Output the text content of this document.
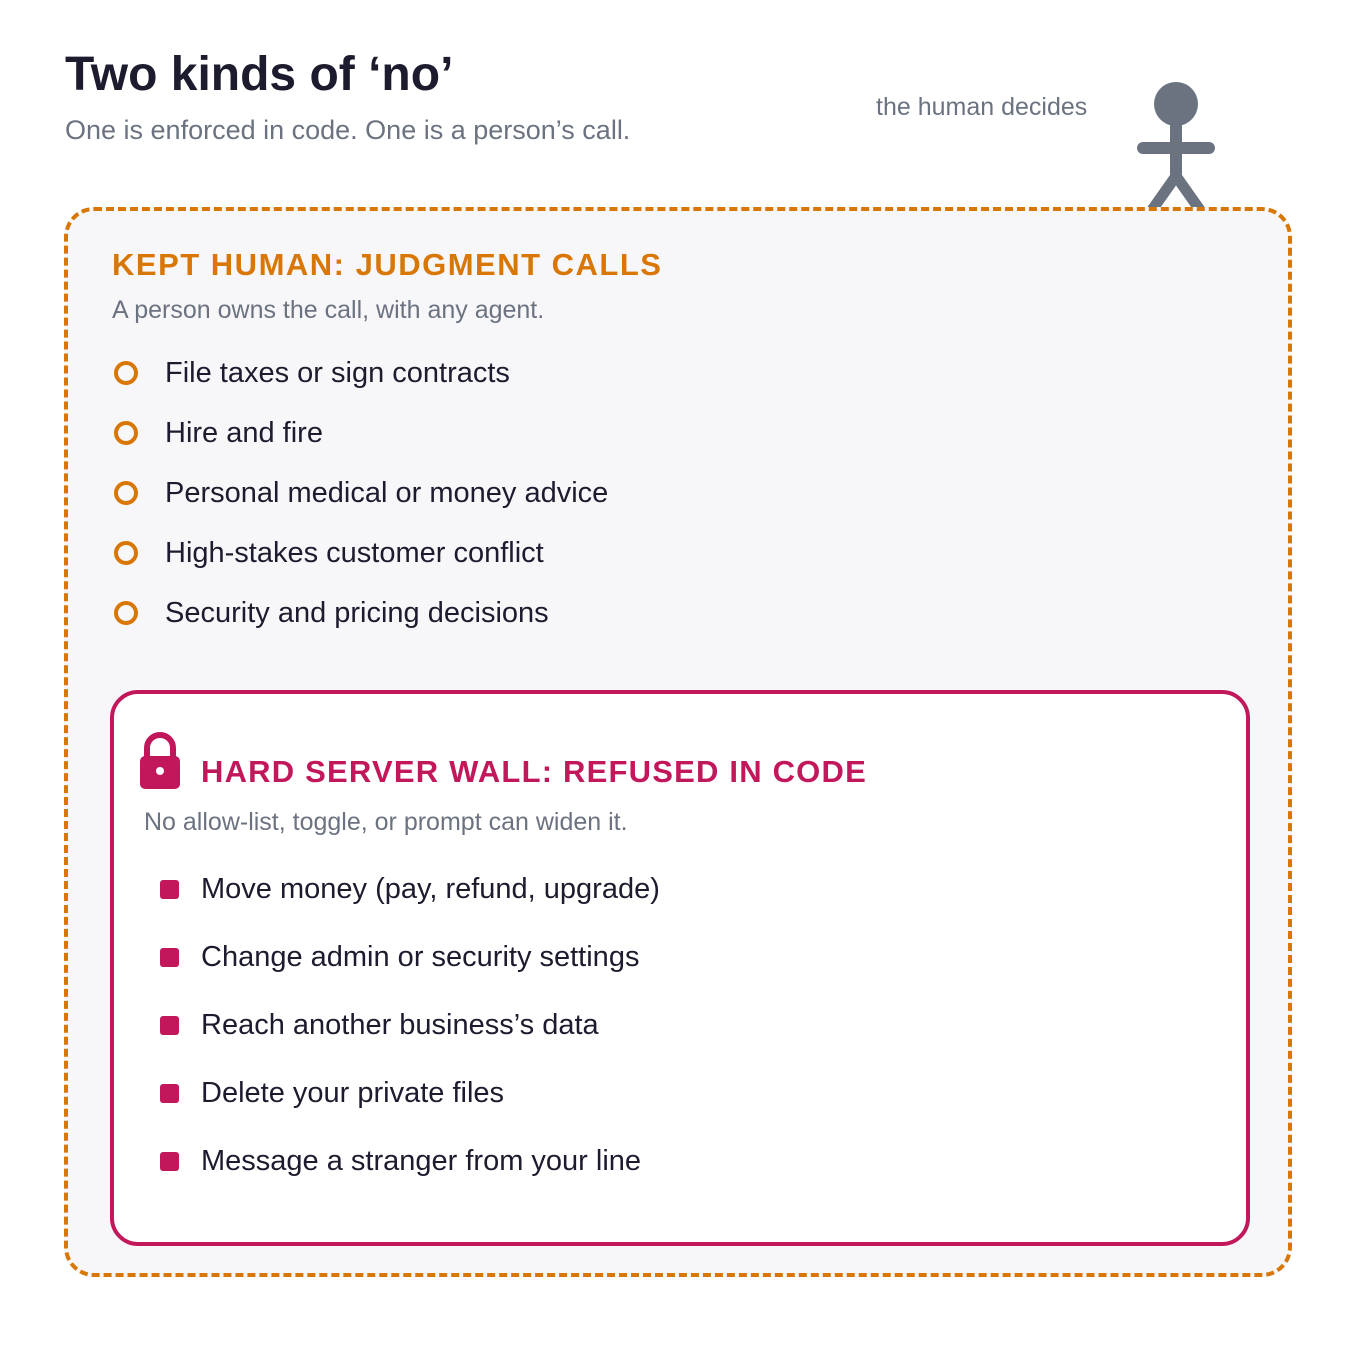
Two kinds of ‘no’

One is enforced in code. One is a person’s call.

the human decides
KEPT HUMAN: JUDGMENT CALLS
A person owns the call, with any agent.
File taxes or sign contracts
Hire and fire
Personal medical or money advice
High-stakes customer conflict
Security and pricing decisions
HARD SERVER WALL: REFUSED IN CODE
No allow-list, toggle, or prompt can widen it.
Move money (pay, refund, upgrade)
Change admin or security settings
Reach another business’s data
Delete your private files
Message a stranger from your line
